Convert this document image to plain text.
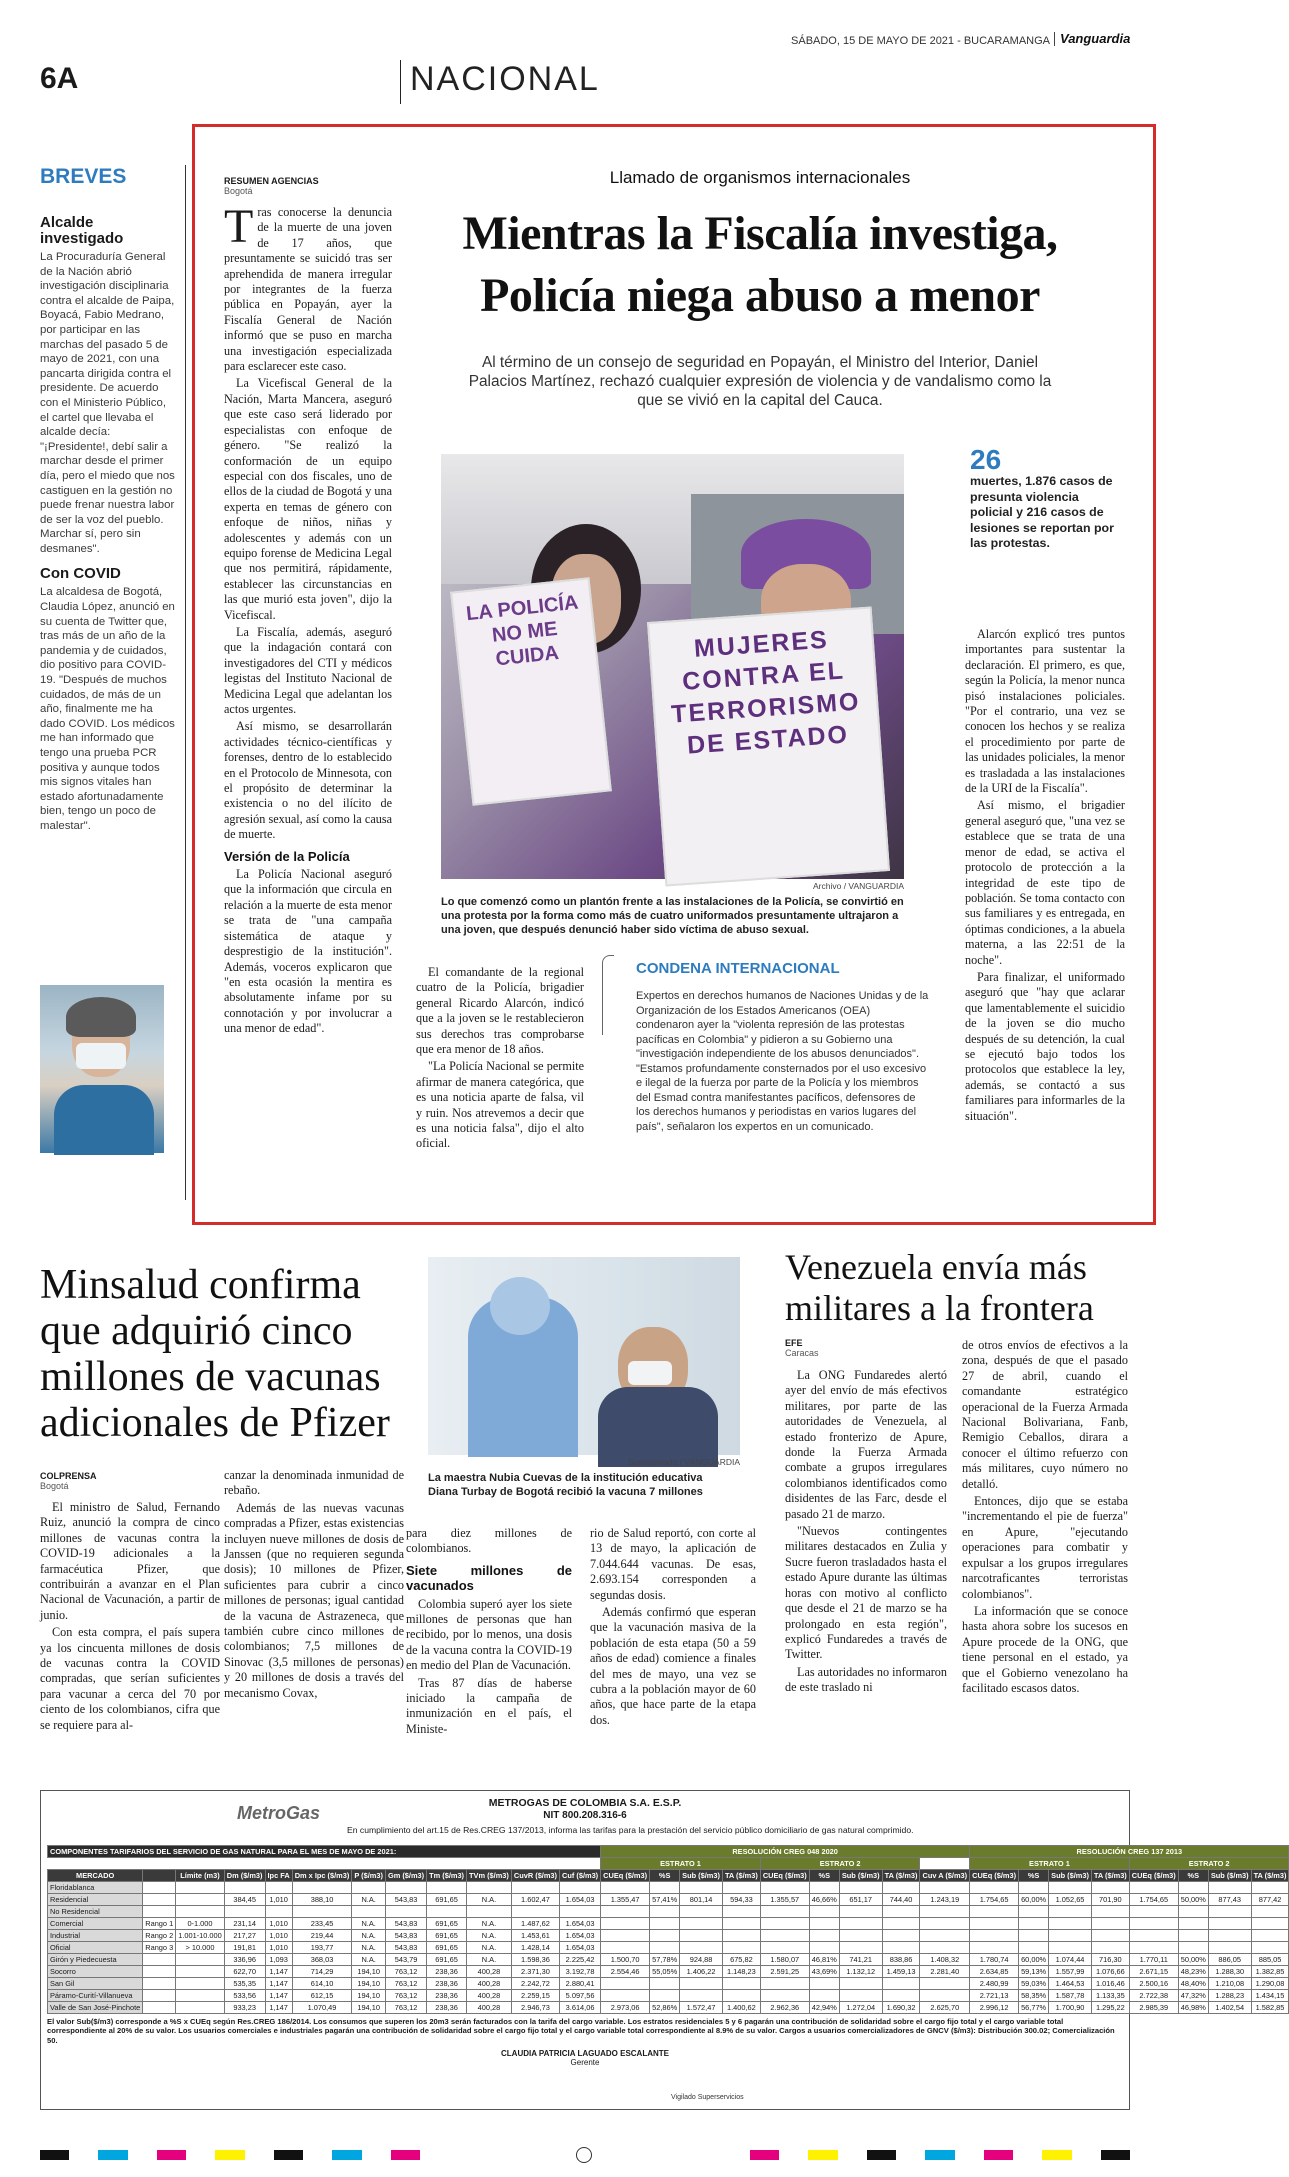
SÁBADO, 15 DE MAYO DE 2021 - BUCARAMANGA Vanguardia
6A	NACIONAL
BREVES
Alcalde investigado
La Procuraduría General de la Nación abrió investigación disciplinaria contra el alcalde de Paipa, Boyacá, Fabio Medrano, por participar en las marchas del pasado 5 de mayo de 2021, con una pancarta dirigida contra el presidente. De acuerdo con el Ministerio Público, el cartel que llevaba el alcalde decía: "¡Presidente!, debí salir a marchar desde el primer día, pero el miedo que nos castiguen en la gestión no puede frenar nuestra labor de ser la voz del pueblo. Marchar sí, pero sin desmanes".
Con COVID
La alcaldesa de Bogotá, Claudia López, anunció en su cuenta de Twitter que, tras más de un año de la pandemia y de cuidados, dio positivo para COVID-19. "Después de muchos cuidados, de más de un año, finalmente me ha dado COVID. Los médicos me han informado que tengo una prueba PCR positiva y aunque todos mis signos vitales han estado afortunadamente bien, tengo un poco de malestar".
RESUMEN AGENCIAS
Bogotá
Llamado de organismos internacionales
Mientras la Fiscalía investiga,
Policía niega abuso a menor
Al término de un consejo de seguridad en Popayán, el Ministro del Interior, Daniel Palacios Martínez, rechazó cualquier expresión de violencia y de vandalismo como la que se vivió en la capital del Cauca.

Tras conocerse la denuncia de la muerte de una joven de 17 años, que presuntamente se suicidó tras ser aprehendida de manera irregular por integrantes de la fuerza pública en Popayán, ayer la Fiscalía General de Nación informó que se puso en marcha una investigación especializada para esclarecer este caso.

La Vicefiscal General de la Nación, Marta Mancera, aseguró que este caso será liderado por especialistas con enfoque de género. "Se realizó la conformación de un equipo especial con dos fiscales, uno de ellos de la ciudad de Bogotá y una experta en temas de género con enfoque de niños, niñas y adolescentes y además con un equipo forense de Medicina Legal que nos permitirá, rápidamente, establecer las circunstancias en las que murió esta joven", dijo la Vicefiscal.

La Fiscalía, además, aseguró que la indagación contará con investigadores del CTI y médicos legistas del Instituto Nacional de Medicina Legal que adelantan los actos urgentes.

Así mismo, se desarrollarán actividades técnico-científicas y forenses, dentro de lo establecido en el Protocolo de Minnesota, con el propósito de determinar la existencia o no del ilícito de agresión sexual, así como la causa de muerte.

Versión de la Policía

La Policía Nacional aseguró que la información que circula en relación a la muerte de esta menor se trata de "una campaña sistemática de ataque y desprestigio de la institución". Además, voceros explicaron que "en esta ocasión la mentira es absolutamente infame por su connotación y por involucrar a una menor de edad".

LA POLICÍA NO ME CUIDA	MUJERES CONTRA EL TERRORISMO DE ESTADO
Archivo / VANGUARDIA
Lo que comenzó como un plantón frente a las instalaciones de la Policía, se convirtió en una protesta por la forma como más de cuatro uniformados presuntamente ultrajaron a una joven, que después denunció haber sido víctima de abuso sexual.
26
muertes, 1.876 casos de presunta violencia policial y 216 casos de lesiones se reportan por las protestas.

El comandante de la regional cuatro de la Policía, brigadier general Ricardo Alarcón, indicó que a la joven se le restablecieron sus derechos tras comprobarse que era menor de 18 años.

"La Policía Nacional se permite afirmar de manera categórica, que es una noticia aparte de falsa, vil y ruin. Nos atrevemos a decir que es una noticia falsa", dijo el alto oficial.

CONDENA INTERNACIONAL
Expertos en derechos humanos de Naciones Unidas y de la Organización de los Estados Americanos (OEA) condenaron ayer la "violenta represión de las protestas pacíficas en Colombia" y pidieron a su Gobierno una "investigación independiente de los abusos denunciados".
"Estamos profundamente consternados por el uso excesivo e ilegal de la fuerza por parte de la Policía y los miembros del Esmad contra manifestantes pacíficos, defensores de los derechos humanos y periodistas en varios lugares del país", señalaron los expertos en un comunicado.

Alarcón explicó tres puntos importantes para sustentar la declaración. El primero, es que, según la Policía, la menor nunca pisó instalaciones policiales. "Por el contrario, una vez se conocen los hechos y se realiza el procedimiento por parte de las unidades policiales, la menor es trasladada a las instalaciones de la URI de la Fiscalía".

Así mismo, el brigadier general aseguró que, "una vez se establece que se trata de una menor de edad, se activa el protocolo de protección a la integridad de este tipo de población. Se toma contacto con sus familiares y es entregada, en óptimas condiciones, a la abuela materna, a las 22:51 de la noche".

Para finalizar, el uniformado aseguró que "hay que aclarar que lamentablemente el suicidio de la joven se dio mucho después de su detención, la cual se ejecutó bajo todos los protocolos que establece la ley, además, se contactó a sus familiares para informarles de la situación".

Minsalud confirma que adquirió cinco millones de vacunas adicionales de Pfizer
COLPRENSA
Bogotá

El ministro de Salud, Fernando Ruiz, anunció la compra de cinco millones de vacunas contra la COVID-19 adicionales a la farmacéutica Pfizer, que contribuirán a avanzar en el Plan Nacional de Vacunación, a partir de junio.

Con esta compra, el país supera ya los cincuenta millones de dosis de vacunas contra la COVID compradas, que serían suficientes para vacunar a cerca del 70 por ciento de los colombianos, cifra que se requiere para al-

canzar la denominada inmunidad de rebaño.

Además de las nuevas vacunas compradas a Pfizer, estas existencias incluyen nueve millones de dosis de Janssen (que no requieren segunda dosis); 10 millones de Pfizer, suficientes para cubrir a cinco millones de personas; igual cantidad de la vacuna de Astrazeneca, que también cubre cinco millones de colombianos; 7,5 millones de Sinovac (3,5 millones de personas) y 20 millones de dosis a través del mecanismo Covax,

Suministrada / VANGUARDIA
La maestra Nubia Cuevas de la institución educativa Diana Turbay de Bogotá recibió la vacuna 7 millones

para diez millones de colombianos.

Siete millones de vacunados

Colombia superó ayer los siete millones de personas que han recibido, por lo menos, una dosis de la vacuna contra la COVID-19 en medio del Plan de Vacunación.

Tras 87 días de haberse iniciado la campaña de inmunización en el país, el Ministe-

rio de Salud reportó, con corte al 13 de mayo, la aplicación de 7.044.644 vacunas. De esas, 2.693.154 corresponden a segundas dosis.

Además confirmó que esperan que la vacunación masiva de la población de esta etapa (50 a 59 años de edad) comience a finales del mes de mayo, una vez se cubra a la población mayor de 60 años, que hace parte de la etapa dos.

Venezuela envía más militares a la frontera
EFE
Caracas

La ONG Fundaredes alertó ayer del envío de más efectivos militares, por parte de las autoridades de Venezuela, al estado fronterizo de Apure, donde la Fuerza Armada combate a grupos irregulares colombianos identificados como disidentes de las Farc, desde el pasado 21 de marzo.

"Nuevos contingentes militares destacados en Zulia y Sucre fueron trasladados hasta el estado Apure durante las últimas horas con motivo al conflicto que desde el 21 de marzo se ha prolongado en esta región", explicó Fundaredes a través de Twitter.

Las autoridades no informaron de este traslado ni

de otros envíos de efectivos a la zona, después de que el pasado 27 de abril, cuando el comandante estratégico operacional de la Fuerza Armada Nacional Bolivariana, Fanb, Remigio Ceballos, dirara a conocer el último refuerzo con más militares, cuyo número no detalló.

Entonces, dijo que se estaba "incrementando el pie de fuerza" en Apure, "ejecutando operaciones para combatir y expulsar a los grupos irregulares narcotraficantes terroristas colombianos".

La información que se conoce hasta ahora sobre los sucesos en Apure procede de la ONG, que tiene personal en el estado, ya que el Gobierno venezolano ha facilitado escasos datos.

MetroGas	METROGAS DE COLOMBIA S.A. E.S.P.
NIT 800.208.316-6
En cumplimiento del art.15 de Res.CREG 137/2013, informa las tarifas para la prestación del servicio público domiciliario de gas natural comprimido.
COMPONENTES TARIFARIOS DEL SERVICIO DE GAS NATURAL PARA EL MES DE MAYO DE 2021:												RESOLUCIÓN CREG 048 2020									RESOLUCIÓN CREG 137 2013							
												ESTRATO 1				ESTRATO 2					ESTRATO 1				ESTRATO 2			
MERCADO		Límite (m3)	Dm ($/m3)	Ipc FA	Dm x Ipc ($/m3)	P ($/m3)	Gm ($/m3)	Tm ($/m3)	TVm ($/m3)	CuvR ($/m3)	Cuf ($/m3)	CUEq ($/m3)	%S	Sub ($/m3)	TA ($/m3)	CUEq ($/m3)	%S	Sub ($/m3)	TA ($/m3)	Cuv A ($/m3)	CUEq ($/m3)	%S	Sub ($/m3)	TA ($/m3)	CUEq ($/m3)	%S	Sub ($/m3)	TA ($/m3)
Floridablanca																												
Residencial			384,45	1,010	388,10	N.A.	543,83	691,65	N.A.	1.602,47	1.654,03	1.355,47	57,41%	801,14	594,33	1.355,57	46,66%	651,17	744,40	1.243,19	1.754,65	60,00%	1.052,65	701,90	1.754,65	50,00%	877,43	877,42
No Residencial																												
Comercial	Rango 1	0-1.000	231,14	1,010	233,45	N.A.	543,83	691,65	N.A.	1.487,62	1.654,03																	
Industrial	Rango 2	1.001-10.000	217,27	1,010	219,44	N.A.	543,83	691,65	N.A.	1.453,61	1.654,03																	
Oficial	Rango 3	> 10.000	191,81	1,010	193,77	N.A.	543,83	691,65	N.A.	1.428,14	1.654,03																	
Girón y Piedecuesta			336,96	1,093	368,03	N.A.	543,79	691,65	N.A.	1.598,36	2.225,42	1.500,70	57,78%	924,88	675,82	1.580,07	46,81%	741,21	838,86	1.408,32	1.780,74	60,00%	1.074,44	716,30	1.770,11	50,00%	886,05	885,05
Socorro			622,70	1,147	714,29	194,10	763,12	238,36	400,28	2.371,30	3.192,78	2.554,46	55,05%	1.406,22	1.148,23	2.591,25	43,69%	1.132,12	1.459,13	2.281,40	2.634,85	59,13%	1.557,99	1.076,66	2.671,15	48,23%	1.288,30	1.382,85
San Gil			535,35	1,147	614,10	194,10	763,12	238,36	400,28	2.242,72	2.880,41										2.480,99	59,03%	1.464,53	1.016,46	2.500,16	48,40%	1.210,08	1.290,08
Páramo-Curití-Villanueva			533,56	1,147	612,15	194,10	763,12	238,36	400,28	2.259,15	5.097,56										2.721,13	58,35%	1.587,78	1.133,35	2.722,38	47,32%	1.288,23	1.434,15
Valle de San José-Pinchote			933,23	1,147	1.070,49	194,10	763,12	238,36	400,28	2.946,73	3.614,06	2.973,06	52,86%	1.572,47	1.400,62	2.962,36	42,94%	1.272,04	1.690,32	2.625,70	2.996,12	56,77%	1.700,90	1.295,22	2.985,39	46,98%	1.402,54	1.582,85
El valor Sub($/m3) corresponde a %S x CUEq según Res.CREG 186/2014. Los consumos que superen los 20m3 serán facturados con la tarifa del cargo variable. Los estratos residenciales 5 y 6 pagarán una contribución de solidaridad sobre el cargo fijo total y el cargo variable total correspondiente al 20% de su valor. Los usuarios comerciales e industriales pagarán una contribución de solidaridad sobre el cargo fijo total y el cargo variable total correspondiente al 8.9% de su valor. Cargos a usuarios comercializadores de GNCV ($/m3): Distribución 300.02; Comercialización 50.
CLAUDIA PATRICIA LAGUADO ESCALANTE
Gerente
Vigilado Superservicios
